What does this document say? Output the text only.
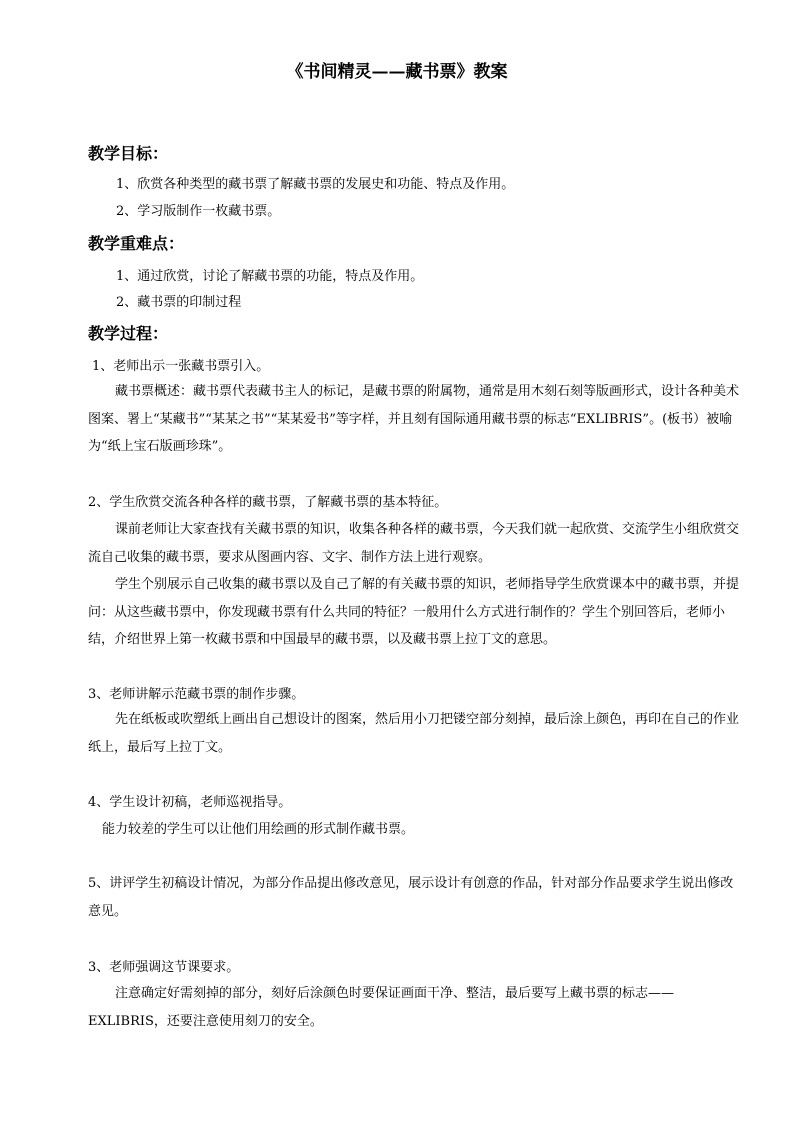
《书间精灵——藏书票》教案
教学目标：
1、欣赏各种类型的藏书票了解藏书票的发展史和功能、特点及作用。
2、学习版制作一枚藏书票。
教学重难点：
1、通过欣赏，讨论了解藏书票的功能，特点及作用。
2、藏书票的印制过程
教学过程：
1、老师出示一张藏书票引入。
藏书票概述：藏书票代表藏书主人的标记，是藏书票的附属物，通常是用木刻石刻等版画形式，设计各种美术图案、署上“某藏书”“某某之书”“某某爱书”等字样，并且刻有国际通用藏书票的标志“EXLIBRIS”。(板书）被喻为“纸上宝石版画珍珠”。
2、学生欣赏交流各种各样的藏书票，了解藏书票的基本特征。
课前老师让大家查找有关藏书票的知识，收集各种各样的藏书票，今天我们就一起欣赏、交流学生小组欣赏交流自己收集的藏书票，要求从图画内容、文字、制作方法上进行观察。
学生个别展示自己收集的藏书票以及自己了解的有关藏书票的知识，老师指导学生欣赏课本中的藏书票，并提问：从这些藏书票中，你发现藏书票有什么共同的特征？一般用什么方式进行制作的？学生个别回答后，老师小结，介绍世界上第一枚藏书票和中国最早的藏书票，以及藏书票上拉丁文的意思。
3、老师讲解示范藏书票的制作步骤。
先在纸板或吹塑纸上画出自己想设计的图案，然后用小刀把镂空部分刻掉，最后涂上颜色，再印在自己的作业纸上，最后写上拉丁文。
4、学生设计初稿，老师巡视指导。
能力较差的学生可以让他们用绘画的形式制作藏书票。
5、讲评学生初稿设计情况，为部分作品提出修改意见，展示设计有创意的作品，针对部分作品要求学生说出修改意见。
3、老师强调这节课要求。
注意确定好需刻掉的部分，刻好后涂颜色时要保证画面干净、整洁，最后要写上藏书票的标志——EXLIBRIS，还要注意使用刻刀的安全。
